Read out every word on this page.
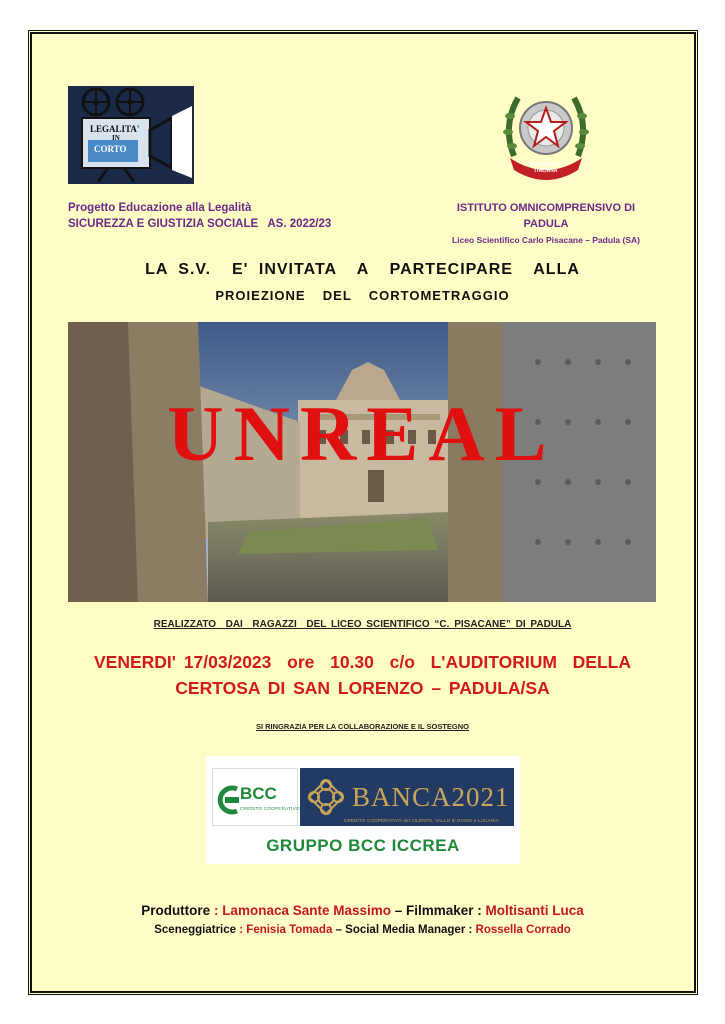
LEGALITA'
IN
CORTO
REPVBBLICA ITALIANA
Progetto Educazione alla Legalità
SICUREZZA E GIUSTIZIA SOCIALE   AS. 2022/23
ISTITUTO OMNICOMPRENSIVO DI PADULA
Liceo Scientifico Carlo Pisacane – Padula (SA)
LA S.V.  E' INVITATA  A  PARTECIPARE  ALLA
PROIEZIONE  DEL  CORTOMETRAGGIO
UNREAL
REALIZZATO  DAI  RAGAZZI  DEL LICEO SCIENTIFICO “C. PISACANE” DI PADULA
VENERDI' 17/03/2023  ore  10.30  c/o  L'AUDITORIUM  DELLA
CERTOSA DI SAN LORENZO – PADULA/SA
SI RINGRAZIA PER LA COLLABORAZIONE E IL SOSTEGNO
BCC
CREDITO COOPERATIVO BANCA2021
CREDITO COOPERATIVO del CILENTO, VALLO di DIANO e LUCANIA
GRUPPO BCC ICCREA
Produttore : Lamonaca Sante Massimo – Filmmaker : Moltisanti Luca
Sceneggiatrice : Fenisia Tomada – Social Media Manager : Rossella Corrado
